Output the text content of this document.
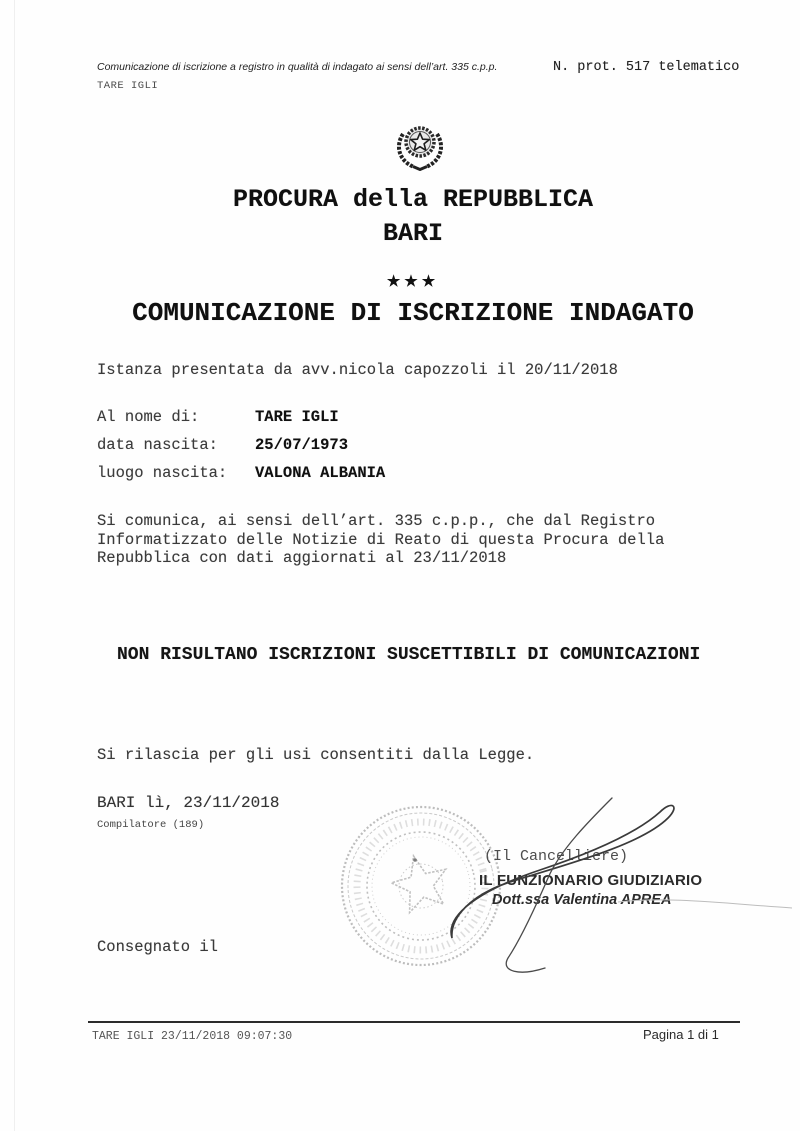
Comunicazione di iscrizione a registro in qualità di indagato ai sensi dell’art. 335 c.p.p.	N. prot. 517 telematico
TARE IGLI
PROCURA della REPUBBLICA
BARI
★★★
COMUNICAZIONE DI ISCRIZIONE INDAGATO
Istanza presentata da avv.nicola capozzoli il 20/11/2018
Al nome di:	TARE IGLI
data nascita:	25/07/1973
luogo nascita:	VALONA ALBANIA
Si comunica, ai sensi dell’art. 335 c.p.p., che dal Registro Informatizzato delle Notizie di Reato di questa Procura della Repubblica con dati aggiornati al 23/11/2018
NON RISULTANO ISCRIZIONI SUSCETTIBILI DI COMUNICAZIONI
Si rilascia per gli usi consentiti dalla Legge.
BARI lì, 23/11/2018
Compilatore (189)
(Il Cancelliere)
IL FUNZIONARIO GIUDIZIARIO
Dott.ssa Valentina APREA
Consegnato il
TARE IGLI 23/11/2018 09:07:30	Pagina 1 di 1
